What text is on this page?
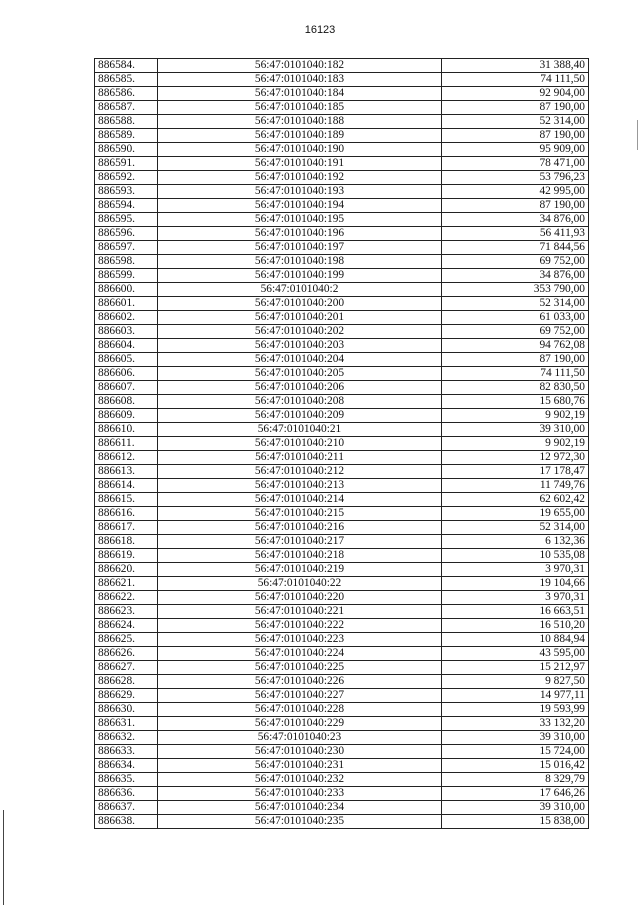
16123
886584.	56:47:0101040:182	31 388,40
886585.	56:47:0101040:183	74 111,50
886586.	56:47:0101040:184	92 904,00
886587.	56:47:0101040:185	87 190,00
886588.	56:47:0101040:188	52 314,00
886589.	56:47:0101040:189	87 190,00
886590.	56:47:0101040:190	95 909,00
886591.	56:47:0101040:191	78 471,00
886592.	56:47:0101040:192	53 796,23
886593.	56:47:0101040:193	42 995,00
886594.	56:47:0101040:194	87 190,00
886595.	56:47:0101040:195	34 876,00
886596.	56:47:0101040:196	56 411,93
886597.	56:47:0101040:197	71 844,56
886598.	56:47:0101040:198	69 752,00
886599.	56:47:0101040:199	34 876,00
886600.	56:47:0101040:2	353 790,00
886601.	56:47:0101040:200	52 314,00
886602.	56:47:0101040:201	61 033,00
886603.	56:47:0101040:202	69 752,00
886604.	56:47:0101040:203	94 762,08
886605.	56:47:0101040:204	87 190,00
886606.	56:47:0101040:205	74 111,50
886607.	56:47:0101040:206	82 830,50
886608.	56:47:0101040:208	15 680,76
886609.	56:47:0101040:209	9 902,19
886610.	56:47:0101040:21	39 310,00
886611.	56:47:0101040:210	9 902,19
886612.	56:47:0101040:211	12 972,30
886613.	56:47:0101040:212	17 178,47
886614.	56:47:0101040:213	11 749,76
886615.	56:47:0101040:214	62 602,42
886616.	56:47:0101040:215	19 655,00
886617.	56:47:0101040:216	52 314,00
886618.	56:47:0101040:217	6 132,36
886619.	56:47:0101040:218	10 535,08
886620.	56:47:0101040:219	3 970,31
886621.	56:47:0101040:22	19 104,66
886622.	56:47:0101040:220	3 970,31
886623.	56:47:0101040:221	16 663,51
886624.	56:47:0101040:222	16 510,20
886625.	56:47:0101040:223	10 884,94
886626.	56:47:0101040:224	43 595,00
886627.	56:47:0101040:225	15 212,97
886628.	56:47:0101040:226	9 827,50
886629.	56:47:0101040:227	14 977,11
886630.	56:47:0101040:228	19 593,99
886631.	56:47:0101040:229	33 132,20
886632.	56:47:0101040:23	39 310,00
886633.	56:47:0101040:230	15 724,00
886634.	56:47:0101040:231	15 016,42
886635.	56:47:0101040:232	8 329,79
886636.	56:47:0101040:233	17 646,26
886637.	56:47:0101040:234	39 310,00
886638.	56:47:0101040:235	15 838,00
